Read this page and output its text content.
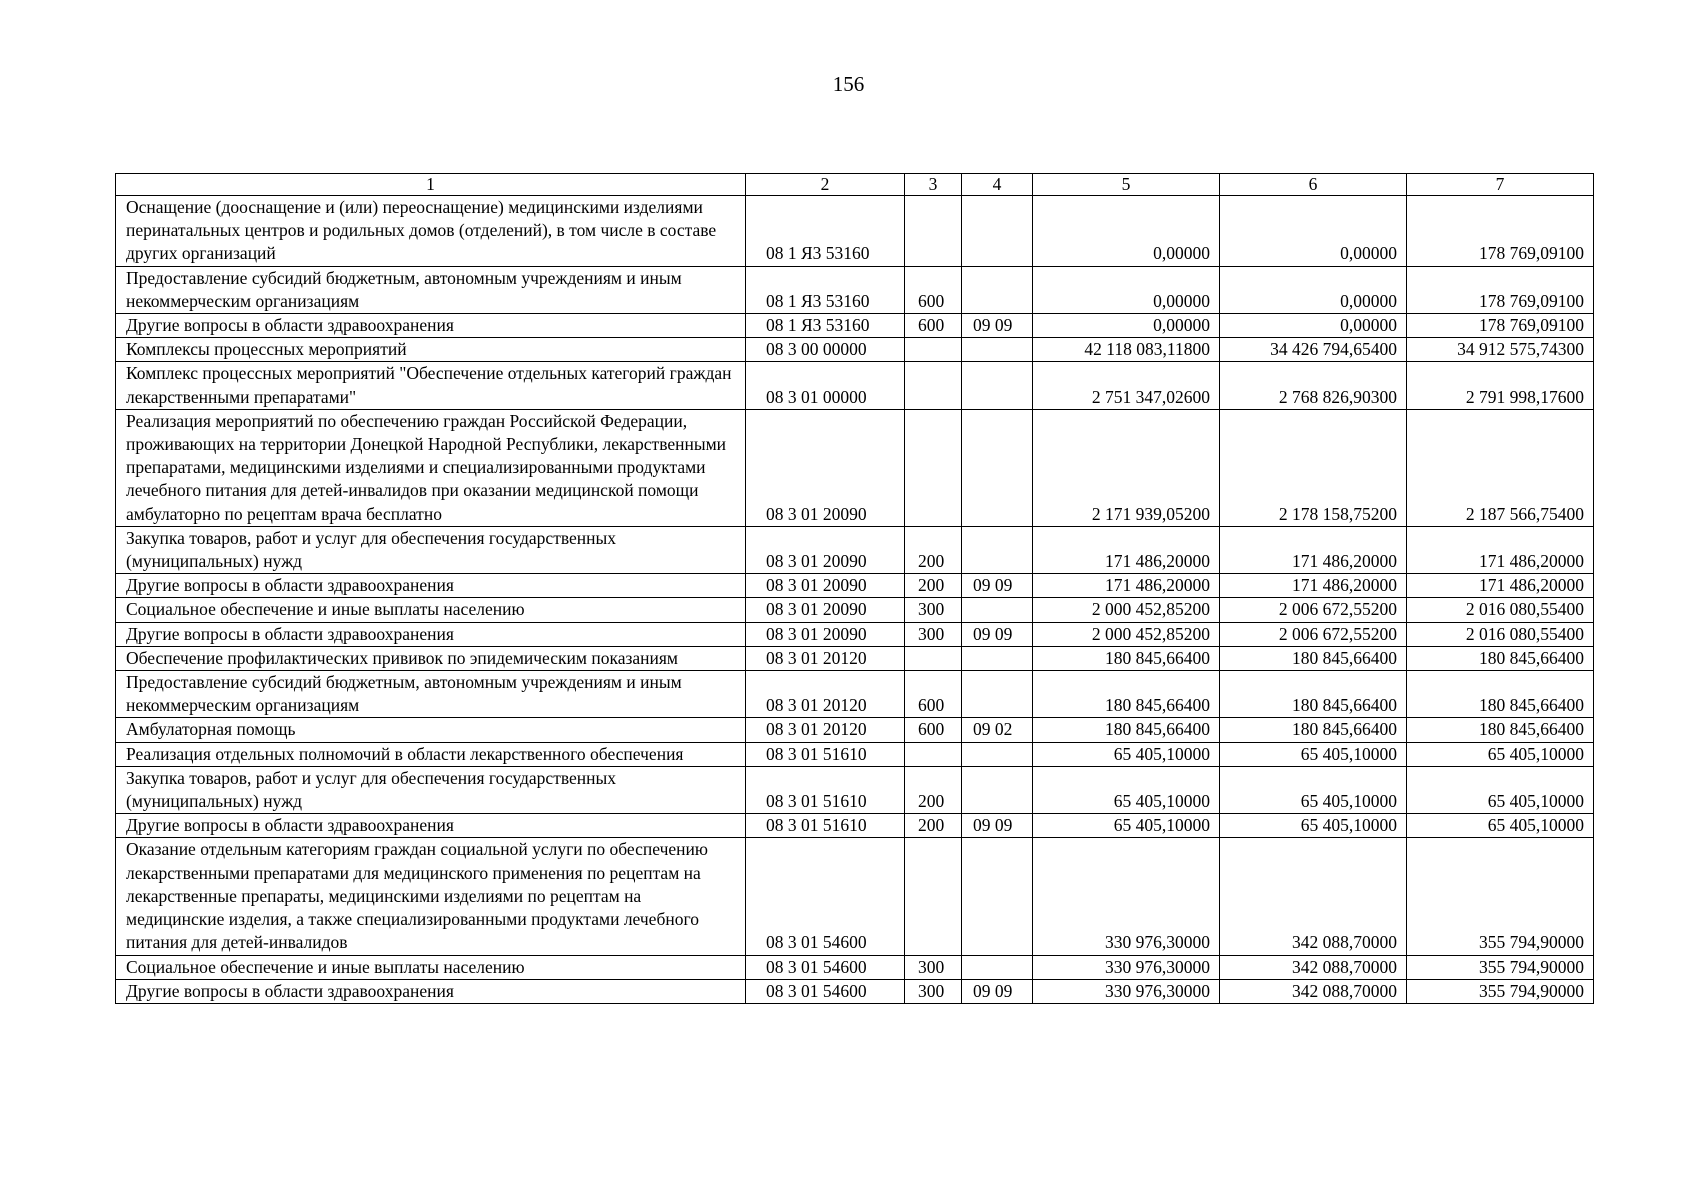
156
1	2	3	4	5	6	7
Оснащение (дооснащение и (или) переоснащение) медицинскими изделиями перинатальных центров и родильных домов (отделений), в том числе в составе других организаций	08 1 Я3 53160			0,00000	0,00000	178 769,09100
Предоставление субсидий бюджетным, автономным учреждениям и иным некоммерческим организациям	08 1 Я3 53160	600		0,00000	0,00000	178 769,09100
Другие вопросы в области здравоохранения	08 1 Я3 53160	600	09 09	0,00000	0,00000	178 769,09100
Комплексы процессных мероприятий	08 3 00 00000			42 118 083,11800	34 426 794,65400	34 912 575,74300
Комплекс процессных мероприятий "Обеспечение отдельных категорий граждан лекарственными препаратами"	08 3 01 00000			2 751 347,02600	2 768 826,90300	2 791 998,17600
Реализация мероприятий по обеспечению граждан Российской Федерации, проживающих на территории Донецкой Народной Республики, лекарственными препаратами, медицинскими изделиями и специализированными продуктами лечебного питания для детей-инвалидов при оказании медицинской помощи амбулаторно по рецептам врача бесплатно	08 3 01 20090			2 171 939,05200	2 178 158,75200	2 187 566,75400
Закупка товаров, работ и услуг для обеспечения государственных (муниципальных) нужд	08 3 01 20090	200		171 486,20000	171 486,20000	171 486,20000
Другие вопросы в области здравоохранения	08 3 01 20090	200	09 09	171 486,20000	171 486,20000	171 486,20000
Социальное обеспечение и иные выплаты населению	08 3 01 20090	300		2 000 452,85200	2 006 672,55200	2 016 080,55400
Другие вопросы в области здравоохранения	08 3 01 20090	300	09 09	2 000 452,85200	2 006 672,55200	2 016 080,55400
Обеспечение профилактических прививок по эпидемическим показаниям	08 3 01 20120			180 845,66400	180 845,66400	180 845,66400
Предоставление субсидий бюджетным, автономным учреждениям и иным некоммерческим организациям	08 3 01 20120	600		180 845,66400	180 845,66400	180 845,66400
Амбулаторная помощь	08 3 01 20120	600	09 02	180 845,66400	180 845,66400	180 845,66400
Реализация отдельных полномочий в области лекарственного обеспечения	08 3 01 51610			65 405,10000	65 405,10000	65 405,10000
Закупка товаров, работ и услуг для обеспечения государственных (муниципальных) нужд	08 3 01 51610	200		65 405,10000	65 405,10000	65 405,10000
Другие вопросы в области здравоохранения	08 3 01 51610	200	09 09	65 405,10000	65 405,10000	65 405,10000
Оказание отдельным категориям граждан социальной услуги по обеспечению лекарственными препаратами для медицинского применения по рецептам на лекарственные препараты, медицинскими изделиями по рецептам на медицинские изделия, а также специализированными продуктами лечебного питания для детей-инвалидов	08 3 01 54600			330 976,30000	342 088,70000	355 794,90000
Социальное обеспечение и иные выплаты населению	08 3 01 54600	300		330 976,30000	342 088,70000	355 794,90000
Другие вопросы в области здравоохранения	08 3 01 54600	300	09 09	330 976,30000	342 088,70000	355 794,90000
